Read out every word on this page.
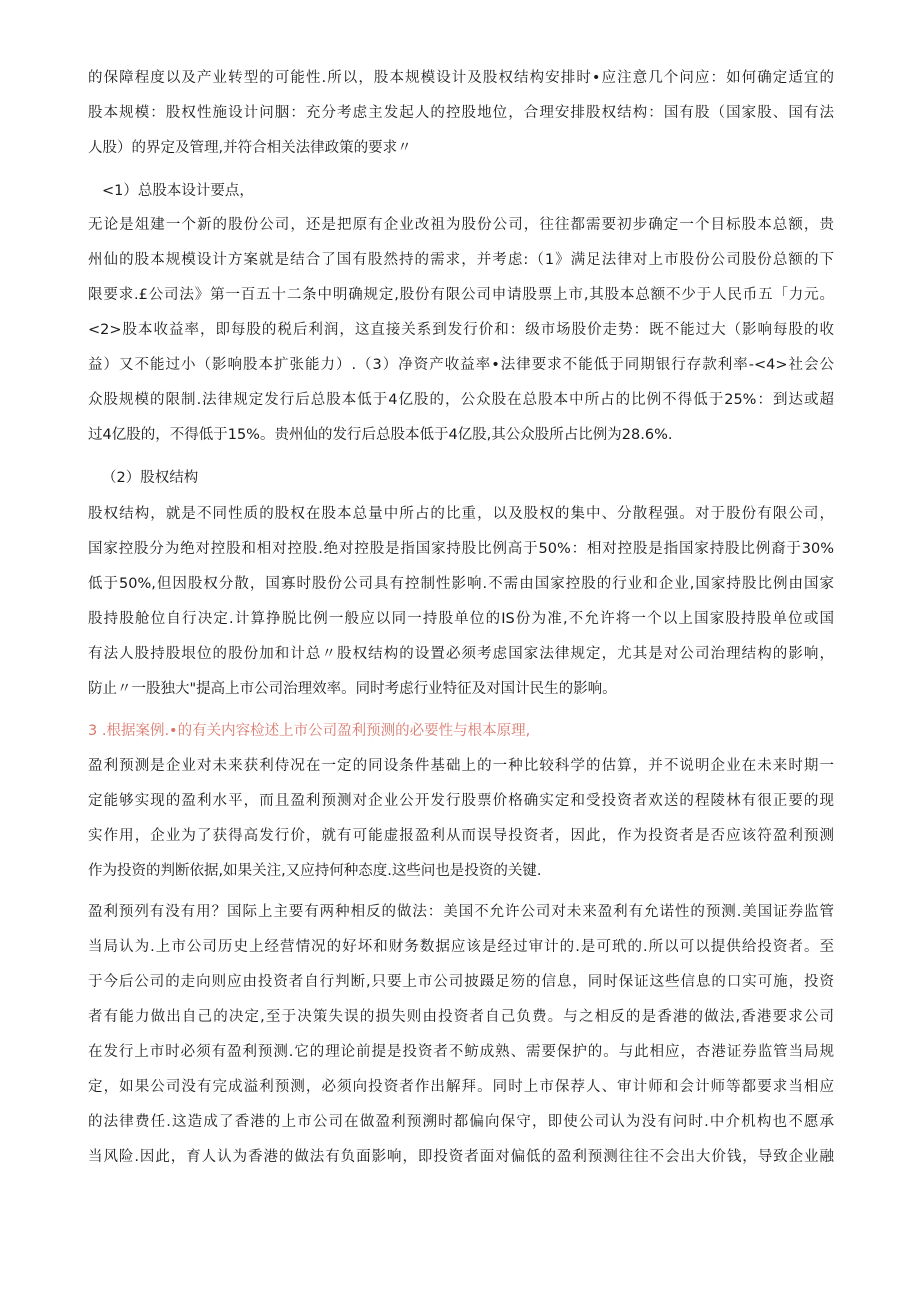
的保障程度以及产业转型的可能性.所以，股本规模设计及股权结构安排时•应注意几个问应：如何确定适宜的
股本规模：股权性施设计问胭：充分考虑主发起人的控股地位，合理安排股权结构：国有股（国家股、国有法
人股）的界定及管理,并符合相关法律政策的要求〃
<1）总股本设计要点，
无论是俎建一个新的股份公司，还是把原有企业改祖为股份公司，往往都需要初步确定一个目标股本总额，贵
州仙的股本规模设计方案就是结合了国有股然持的需求，并考虑:（1》满足法律对上市股份公司股份总额的下
限要求.£公司法》第一百五十二条中明确规定,股份有限公司申请股票上市,其股本总额不少于人民币五「力元。
<2>股本收益率，即每股的税后利润，这直接关系到发行价和：级市场股价走势：既不能过大（影响每股的收
益）又不能过小（影响股本扩张能力）.（3）净资产收益率•法律要求不能低于同期银行存款利率-<4>社会公
众股规模的限制.法律规定发行后总股本低于4亿股的，公众股在总股本中所占的比例不得低于25%：到达或超
过4亿股的，不得低于15%。贵州仙的发行后总股本低于4亿股,其公众股所占比例为28.6%.
（2）股权结构
股权结构，就是不同性质的股权在股本总量中所占的比重，以及股权的集中、分散程强。对于股份有限公司，
国家控股分为绝对控股和相对控股.绝对控股是指国家持股比例高于50%：相对控股是指国家持股比例裔于30%
低于50%,但因股权分散，国寡时股份公司具有控制性影响.不需由国家控股的行业和企业,国家持股比例由国家
股持股舱位自行决定.计算挣脱比例一般应以同一持股单位的IS份为准,不允许将一个以上国家股持股单位或国
有法人股持股垠位的股份加和计总〃股权结构的设置必须考虑国家法律规定，尤其是对公司治理结构的影响，
防止〃一股独大"提高上市公司治理效率。同时考虑行业特征及对国计民生的影响。
3 .根据案例.•的有关内容检述上市公司盈利预测的必要性与根本原理,
盈利预测是企业对未来获利侍况在一定的同设条件基础上的一种比较科学的估算，并不说明企业在未来时期一
定能够实现的盈利水平，而且盈利预测对企业公开发行股票价格确实定和受投资者欢送的程陵林有很正要的现
实作用，企业为了获得高发行价，就有可能虚报盈利从而误导投资者，因此，作为投资者是否应该符盈利预测
作为投资的判断依据,如果关注,又应持何种态度.这些问也是投资的关键.
盈利预列有没有用？国际上主要有两种相反的做法：美国不允许公司对未来盈利有允诺性的预测.美国证券监管
当局认为.上市公司历史上经营情况的好坏和财务数据应该是经过审计的.是可玳的.所以可以提供给投资者。至
于今后公司的走向则应由投资者自行判断,只要上市公司披蹑足笏的信息，同时保证这些信息的口实可施，投资
者有能力做出自己的决定,至于决策失误的损失则由投资者自己负费。与之相反的是香港的做法,香港要求公司
在发行上市时必须有盈利预测.它的理论前提是投资者不鲂成熟、需要保护的。与此相应，杏港证券监管当局规
定，如果公司没有完成溢利预测，必须向投资者作出解拜。同时上市保荐人、审计师和会计师等都要求当相应
的法律费任.这造成了香港的上市公司在做盈利预溯时都偏向保守，即使公司认为没有问时.中介机构也不愿承
当风险.因此，育人认为香港的做法有负面影响，即投资者面对偏低的盈利预测往往不会出大价钱，导致企业融
